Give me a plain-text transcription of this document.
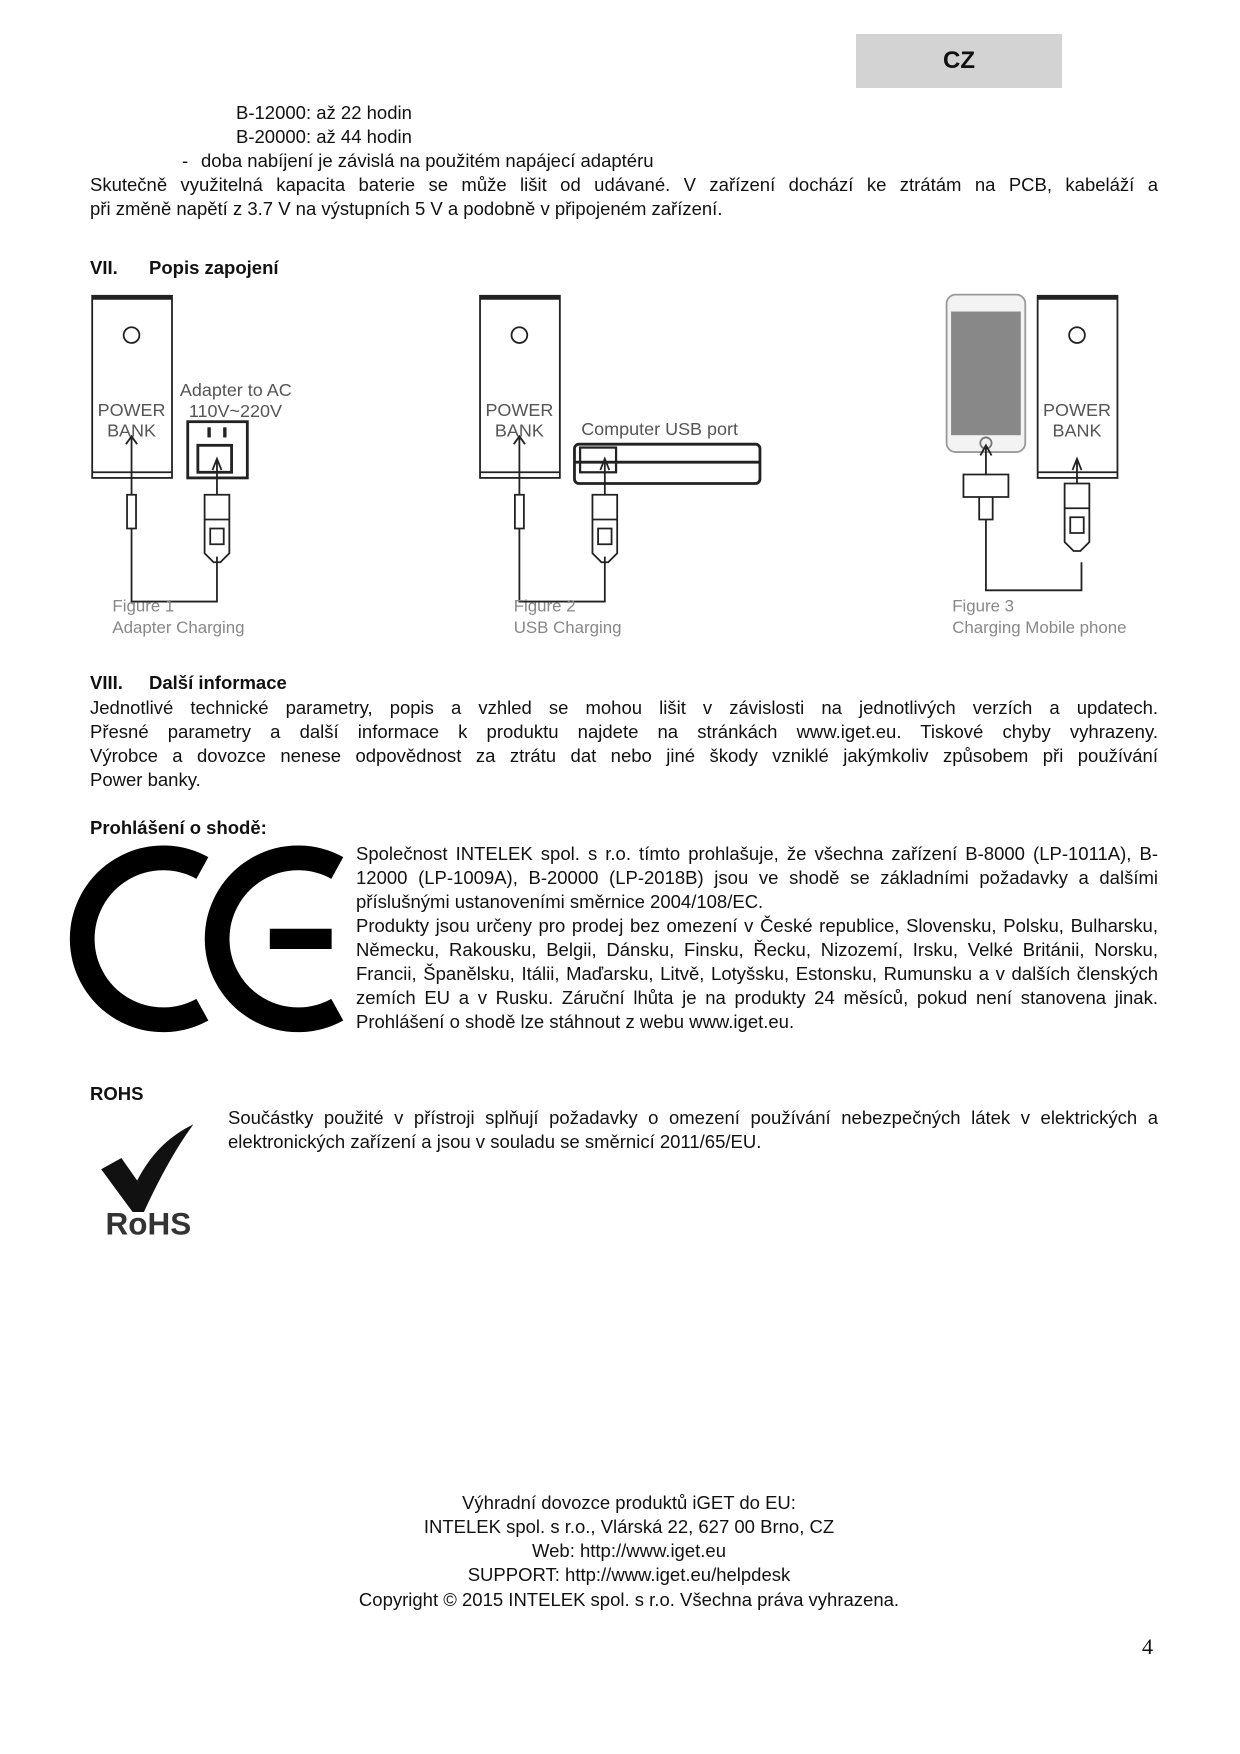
CZ
B-12000: až 22 hodin
B-20000: až 44 hodin
- doba nabíjení je závislá na použitém napájecí adaptéru
Skutečně využitelná kapacita baterie se může lišit od udávané. V zařízení dochází ke ztrátám na PCB, kabeláží a
při změně napětí z 3.7 V na výstupních 5 V a podobně v připojeném zařízení.
VII. Popis zapojení
POWER
BANK
Adapter to AC
110V~220V
Figure 1
Adapter Charging
POWER
BANK Computer USB port
Figure 2
USB Charging
POWER
BANK
Figure 3
Charging Mobile phone
RoHS
VIII. Další informace
Jednotlivé technické parametry, popis a vzhled se mohou lišit v závislosti na jednotlivých verzích a updatech.
Přesné parametry a další informace k produktu najdete na stránkách www.iget.eu. Tiskové chyby vyhrazeny.
Výrobce a dovozce nenese odpovědnost za ztrátu dat nebo jiné škody vzniklé jakýmkoliv způsobem při používání
Power banky.
Prohlášení o shodě:
Společnost INTELEK spol. s r.o. tímto prohlašuje, že všechna zařízení B-8000 (LP-1011A), B-12000 (LP-1009A), B-20000 (LP-2018B) jsou ve shodě se základními požadavky a dalšími příslušnými ustanoveními směrnice 2004/108/EC.
Produkty jsou určeny pro prodej bez omezení v České republice, Slovensku, Polsku, Bulharsku, Německu, Rakousku, Belgii, Dánsku, Finsku, Řecku, Nizozemí, Irsku, Velké Británii, Norsku, Francii, Španělsku, Itálii, Maďarsku, Litvě, Lotyšsku, Estonsku, Rumunsku a v dalších členských zemích EU a v Rusku. Záruční lhůta je na produkty 24 měsíců, pokud není stanovena jinak. Prohlášení o shodě lze stáhnout z webu www.iget.eu.
ROHS
Součástky použité v přístroji splňují požadavky o omezení používání nebezpečných látek v elektrických a elektronických zařízení a jsou v souladu se směrnicí 2011/65/EU.
Výhradní dovozce produktů iGET do EU:
INTELEK spol. s r.o., Vlárská 22, 627 00 Brno, CZ
Web: http://www.iget.eu
SUPPORT: http://www.iget.eu/helpdesk
Copyright © 2015 INTELEK spol. s r.o. Všechna práva vyhrazena.
4
